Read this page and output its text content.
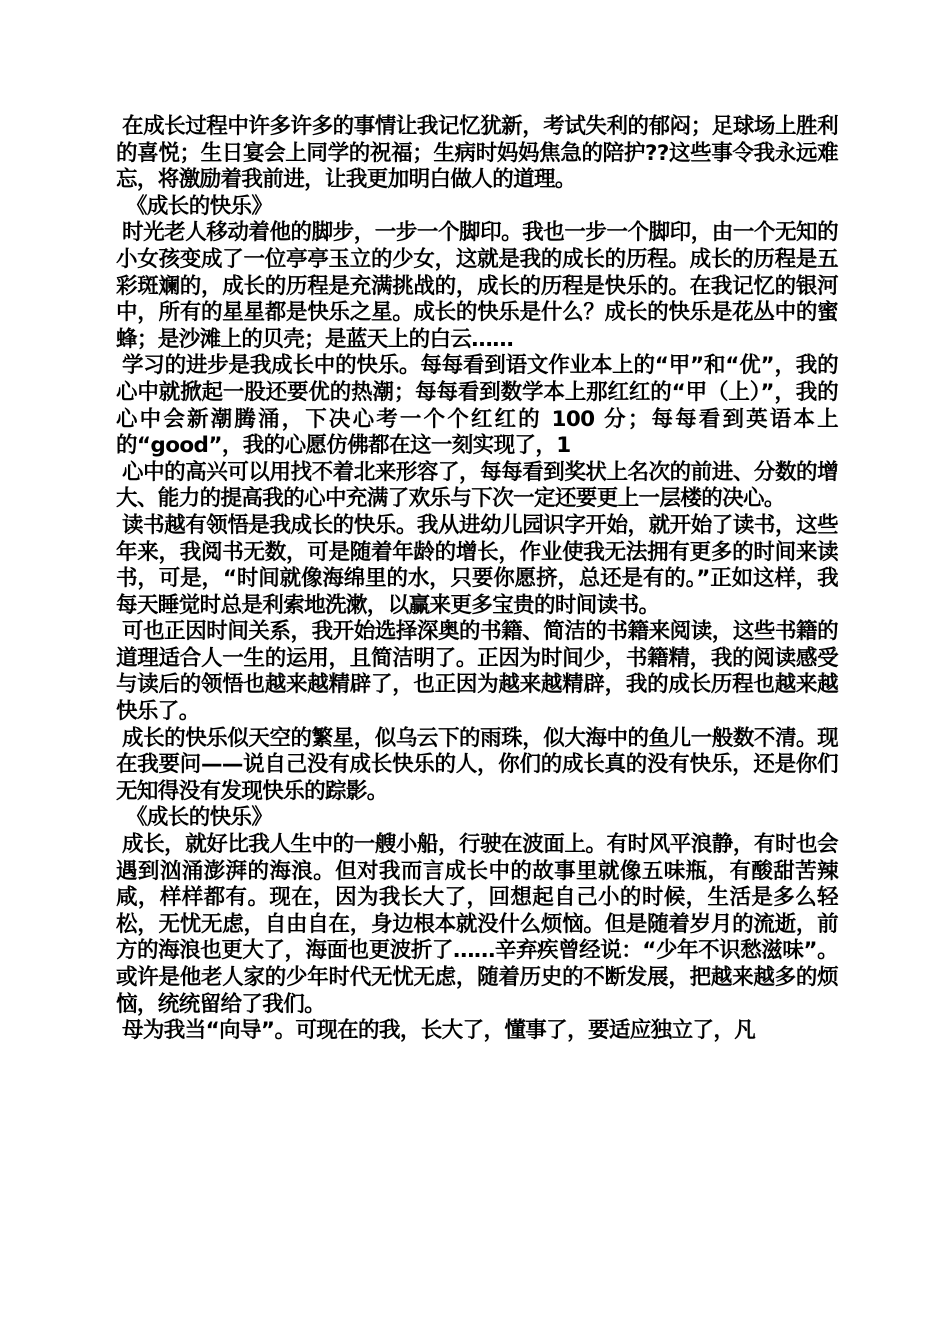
在成长过程中许多许多的事情让我记忆犹新，考试失利的郁闷；足球场上胜利的喜悦；生日宴会上同学的祝福；生病时妈妈焦急的陪护??这些事令我永远难忘，将激励着我前进，让我更加明白做人的道理。

《成长的快乐》

时光老人移动着他的脚步，一步一个脚印。我也一步一个脚印，由一个无知的小女孩变成了一位亭亭玉立的少女，这就是我的成长的历程。成长的历程是五彩斑斓的，成长的历程是充满挑战的，成长的历程是快乐的。在我记忆的银河中，所有的星星都是快乐之星。成长的快乐是什么？成长的快乐是花丛中的蜜蜂；是沙滩上的贝壳；是蓝天上的白云……

学习的进步是我成长中的快乐。每每看到语文作业本上的“甲”和“优”，我的心中就掀起一股还要优的热潮；每每看到数学本上那红红的“甲（上）”，我的心中会新潮腾涌，下决心考一个个红红的 100 分；每每看到英语本上的“good”，我的心愿仿佛都在这一刻实现了，1

心中的高兴可以用找不着北来形容了，每每看到奖状上名次的前进、分数的增大、能力的提高我的心中充满了欢乐与下次一定还要更上一层楼的决心。

读书越有领悟是我成长的快乐。我从进幼儿园识字开始，就开始了读书，这些年来，我阅书无数，可是随着年龄的增长，作业使我无法拥有更多的时间来读书，可是，“时间就像海绵里的水，只要你愿挤，总还是有的。”正如这样，我每天睡觉时总是利索地洗漱，以赢来更多宝贵的时间读书。

可也正因时间关系，我开始选择深奥的书籍、简洁的书籍来阅读，这些书籍的道理适合人一生的运用，且简洁明了。正因为时间少，书籍精，我的阅读感受与读后的领悟也越来越精辟了，也正因为越来越精辟，我的成长历程也越来越快乐了。

成长的快乐似天空的繁星，似乌云下的雨珠，似大海中的鱼儿一般数不清。现在我要问——说自己没有成长快乐的人，你们的成长真的没有快乐，还是你们无知得没有发现快乐的踪影。

《成长的快乐》

成长，就好比我人生中的一艘小船，行驶在波面上。有时风平浪静，有时也会遇到汹涌澎湃的海浪。但对我而言成长中的故事里就像五味瓶，有酸甜苦辣咸，样样都有。现在，因为我长大了，回想起自己小的时候，生活是多么轻松，无忧无虑，自由自在，身边根本就没什么烦恼。但是随着岁月的流逝，前方的海浪也更大了，海面也更波折了……辛弃疾曾经说：“少年不识愁滋味”。或许是他老人家的少年时代无忧无虑，随着历史的不断发展，把越来越多的烦恼，统统留给了我们。

母为我当“向导”。可现在的我，长大了，懂事了，要适应独立了，凡
